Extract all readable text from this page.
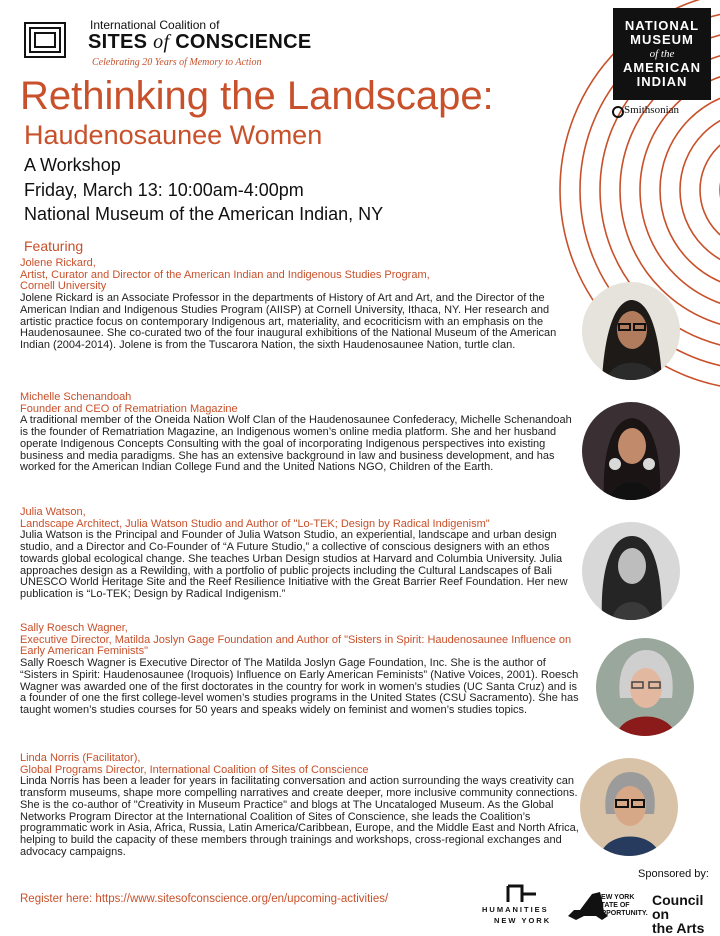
International Coalition of
SITES of CONSCIENCE
Celebrating 20 Years of Memory to Action
NATIONAL
MUSEUM
of the
AMERICAN
INDIAN
Smithsonian
Rethinking the Landscape:
Haudenosaunee Women
A Workshop
Friday, March 13: 10:00am-4:00pm
National Museum of the American Indian, NY
Featuring
Jolene Rickard,
Artist, Curator and Director of the American Indian and Indigenous Studies Program,
Cornell University
Jolene Rickard is an Associate Professor in the departments of History of Art and Art, and the Director of the American Indian and Indigenous Studies Program (AIISP) at Cornell University, Ithaca, NY. Her research and artistic practice focus on contemporary Indigenous art, materiality, and ecocriticism with an emphasis on the Haudenosaunee. She co-curated two of the four inaugural exhibitions of the National Museum of the American Indian (2004-2014). Jolene is from the Tuscarora Nation, the sixth Haudenosaunee Nation, turtle clan.
Michelle Schenandoah
Founder and CEO of Rematriation Magazine
A traditional member of the Oneida Nation Wolf Clan of the Haudenosaunee Confederacy, Michelle Schenandoah is the founder of Rematriation Magazine, an Indigenous women’s online media platform. She and her husband operate Indigenous Concepts Consulting with the goal of incorporating Indigenous perspectives into existing business and media paradigms. She has an extensive background in law and business development, and has worked for the American Indian College Fund and the United Nations NGO, Children of the Earth.
Julia Watson,
Landscape Architect, Julia Watson Studio and Author of "Lo-TEK; Design by Radical Indigenism"
Julia Watson is the Principal and Founder of Julia Watson Studio, an experiential, landscape and urban design studio, and a Director and Co-Founder of “A Future Studio,” a collective of conscious designers with an ethos towards global ecological change. She teaches Urban Design studios at Harvard and Columbia University. Julia approaches design as a Rewilding, with a portfolio of public projects including the Cultural Landscapes of Bali UNESCO World Heritage Site and the Reef Resilience Initiative with the Great Barrier Reef Foundation. Her new publication is “Lo-TEK; Design by Radical Indigenism.”
Sally Roesch Wagner,
Executive Director, Matilda Joslyn Gage Foundation and Author of "Sisters in Spirit: Haudenosaunee Influence on Early American Feminists"
Sally Roesch Wagner is Executive Director of The Matilda Joslyn Gage Foundation, Inc. She is the author of “Sisters in Spirit: Haudenosaunee (Iroquois) Influence on Early American Feminists” (Native Voices, 2001). Roesch Wagner was awarded one of the first doctorates in the country for work in women’s studies (UC Santa Cruz) and is a founder of one the first college-level women’s studies programs in the United States (CSU Sacramento). She has taught women’s studies courses for 50 years and speaks widely on feminist and women’s studies topics.
Linda Norris (Facilitator),
Global Programs Director, International Coalition of Sites of Conscience
Linda Norris has been a leader for years in facilitating conversation and action surrounding the ways creativity can transform museums, shape more compelling narratives and create deeper, more inclusive community connections. She is the co-author of "Creativity in Museum Practice" and blogs at The Uncataloged Museum. As the Global Networks Program Director at the International Coalition of Sites of Conscience, she leads the Coalition’s programmatic work in Asia, Africa, Russia, Latin America/Caribbean, Europe, and the Middle East and North Africa, helping to build the capacity of these members through trainings and workshops, cross-regional exchanges and advocacy campaigns.
Register here: https://www.sitesofconscience.org/en/upcoming-activities/
Sponsored by:
HUMANITIES
NEW YORK
NEW YORK
STATE OF
OPPORTUNITY.
Council on
the Arts
